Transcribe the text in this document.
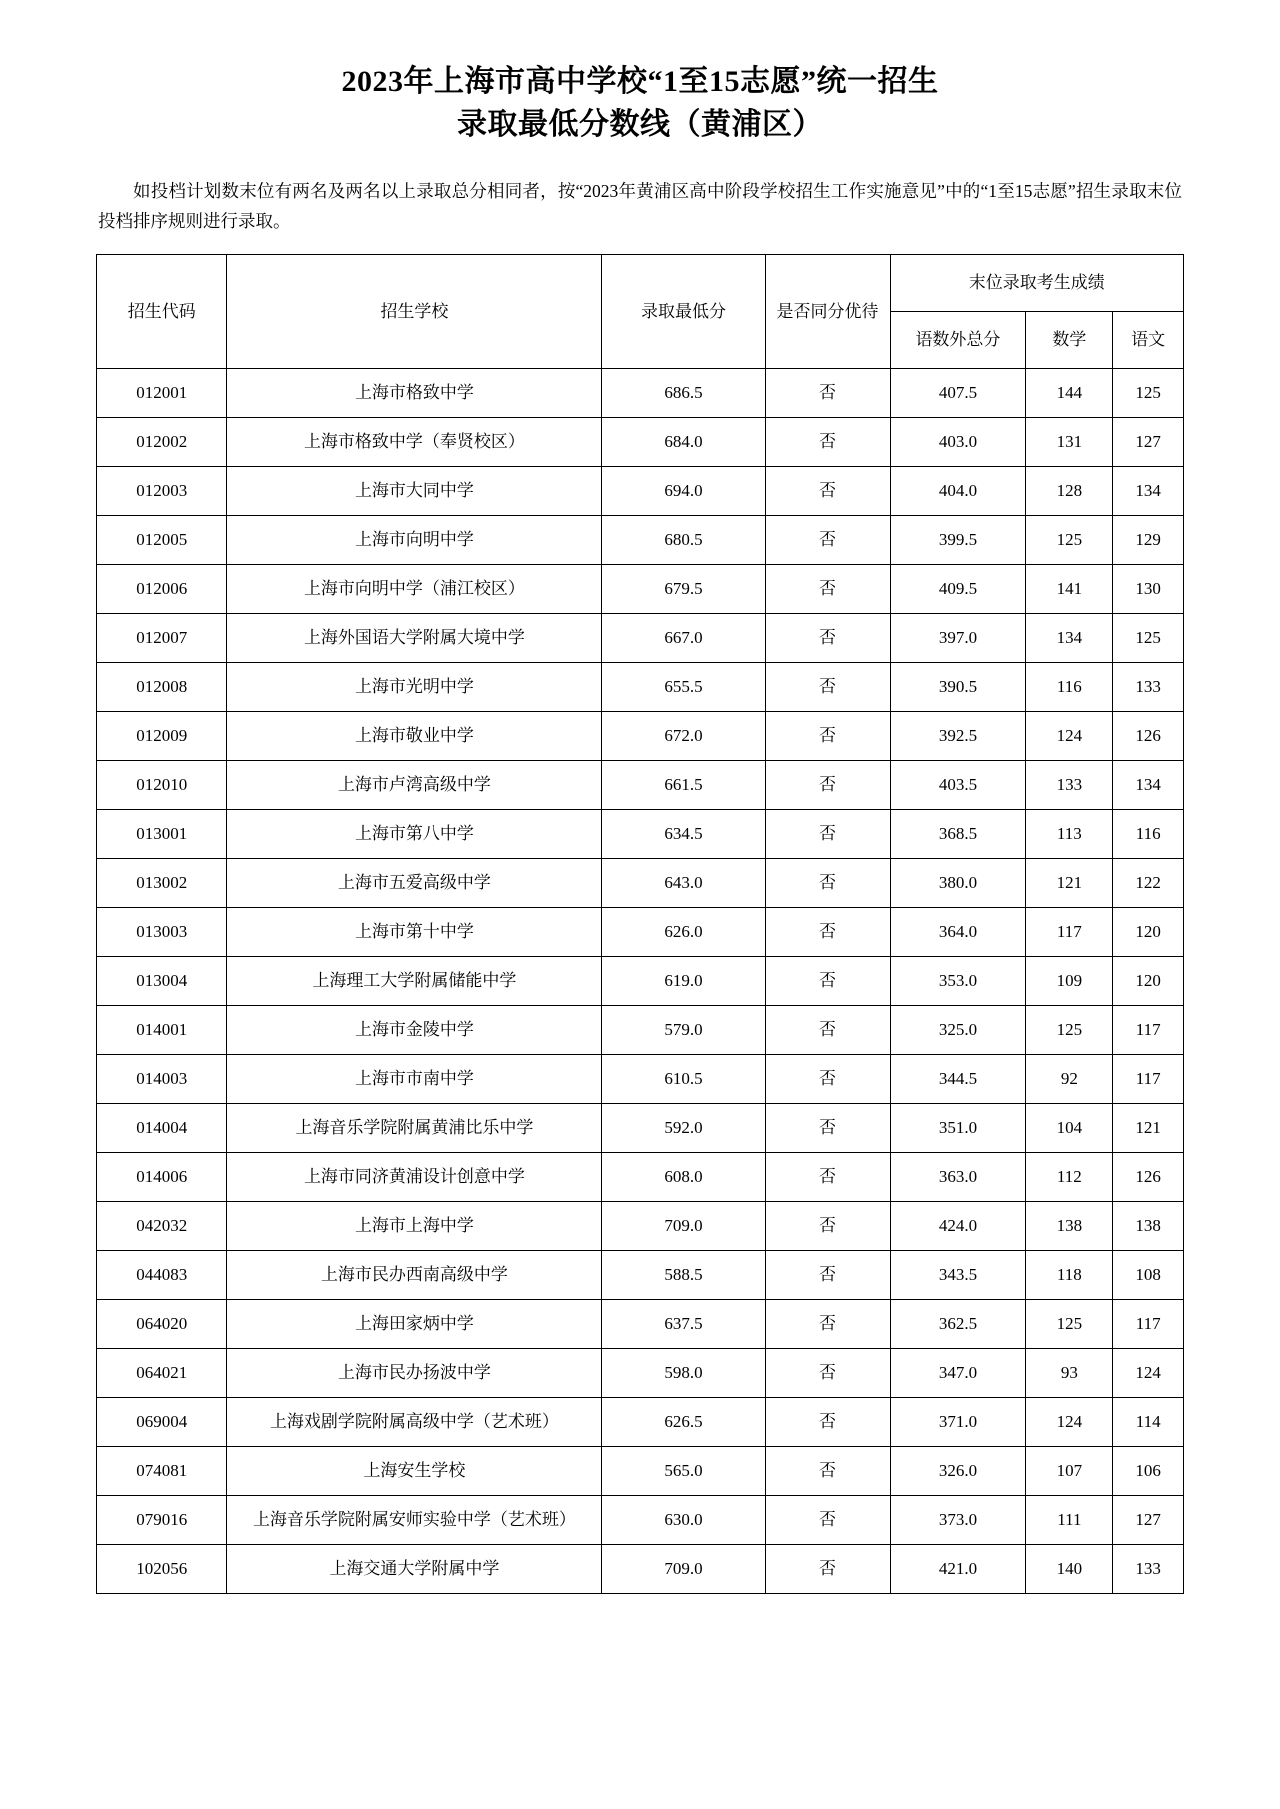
2023年上海市高中学校“1至15志愿”统一招生
录取最低分数线（黄浦区）

如投档计划数末位有两名及两名以上录取总分相同者，按“2023年黄浦区高中阶段学校招生工作实施意见”中的“1至15志愿”招生录取末位投档排序规则进行录取。

招生代码	招生学校	录取最低分	是否同分优待	末位录取考生成绩		
				语数外总分	数学	语文
012001	上海市格致中学	686.5	否	407.5	144	125
012002	上海市格致中学（奉贤校区）	684.0	否	403.0	131	127
012003	上海市大同中学	694.0	否	404.0	128	134
012005	上海市向明中学	680.5	否	399.5	125	129
012006	上海市向明中学（浦江校区）	679.5	否	409.5	141	130
012007	上海外国语大学附属大境中学	667.0	否	397.0	134	125
012008	上海市光明中学	655.5	否	390.5	116	133
012009	上海市敬业中学	672.0	否	392.5	124	126
012010	上海市卢湾高级中学	661.5	否	403.5	133	134
013001	上海市第八中学	634.5	否	368.5	113	116
013002	上海市五爱高级中学	643.0	否	380.0	121	122
013003	上海市第十中学	626.0	否	364.0	117	120
013004	上海理工大学附属储能中学	619.0	否	353.0	109	120
014001	上海市金陵中学	579.0	否	325.0	125	117
014003	上海市市南中学	610.5	否	344.5	92	117
014004	上海音乐学院附属黄浦比乐中学	592.0	否	351.0	104	121
014006	上海市同济黄浦设计创意中学	608.0	否	363.0	112	126
042032	上海市上海中学	709.0	否	424.0	138	138
044083	上海市民办西南高级中学	588.5	否	343.5	118	108
064020	上海田家炳中学	637.5	否	362.5	125	117
064021	上海市民办扬波中学	598.0	否	347.0	93	124
069004	上海戏剧学院附属高级中学（艺术班）	626.5	否	371.0	124	114
074081	上海安生学校	565.0	否	326.0	107	106
079016	上海音乐学院附属安师实验中学（艺术班）	630.0	否	373.0	111	127
102056	上海交通大学附属中学	709.0	否	421.0	140	133
